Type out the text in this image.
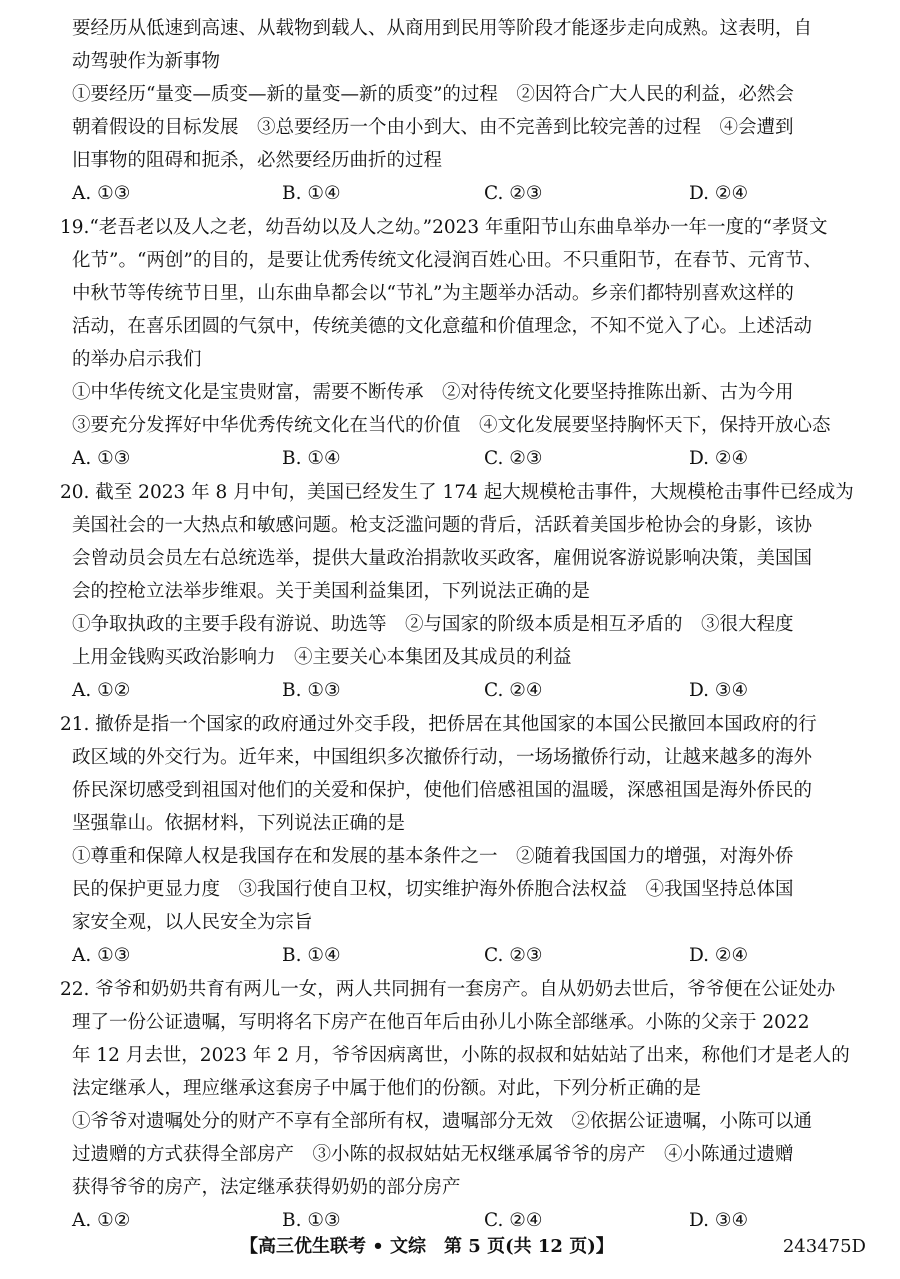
要经历从低速到高速、从载物到载人、从商用到民用等阶段才能逐步走向成熟。这表明，自
动驾驶作为新事物
①要经历“量变—质变—新的量变—新的质变”的过程　②因符合广大人民的利益，必然会
朝着假设的目标发展　③总要经历一个由小到大、由不完善到比较完善的过程　④会遭到
旧事物的阻碍和扼杀，必然要经历曲折的过程
A. ①③	B. ①④	C. ②③	D. ②④
19.“老吾老以及人之老，幼吾幼以及人之幼。”2023 年重阳节山东曲阜举办一年一度的“孝贤文
化节”。“两创”的目的，是要让优秀传统文化浸润百姓心田。不只重阳节，在春节、元宵节、
中秋节等传统节日里，山东曲阜都会以“节礼”为主题举办活动。乡亲们都特别喜欢这样的
活动，在喜乐团圆的气氛中，传统美德的文化意蕴和价值理念，不知不觉入了心。上述活动
的举办启示我们
①中华传统文化是宝贵财富，需要不断传承　②对待传统文化要坚持推陈出新、古为今用
③要充分发挥好中华优秀传统文化在当代的价值　④文化发展要坚持胸怀天下，保持开放心态
A. ①③	B. ①④	C. ②③	D. ②④
20. 截至 2023 年 8 月中旬，美国已经发生了 174 起大规模枪击事件，大规模枪击事件已经成为
美国社会的一大热点和敏感问题。枪支泛滥问题的背后，活跃着美国步枪协会的身影，该协
会曾动员会员左右总统选举，提供大量政治捐款收买政客，雇佣说客游说影响决策，美国国
会的控枪立法举步维艰。关于美国利益集团，下列说法正确的是
①争取执政的主要手段有游说、助选等　②与国家的阶级本质是相互矛盾的　③很大程度
上用金钱购买政治影响力　④主要关心本集团及其成员的利益
A. ①②	B. ①③	C. ②④	D. ③④
21. 撤侨是指一个国家的政府通过外交手段，把侨居在其他国家的本国公民撤回本国政府的行
政区域的外交行为。近年来，中国组织多次撤侨行动，一场场撤侨行动，让越来越多的海外
侨民深切感受到祖国对他们的关爱和保护，使他们倍感祖国的温暖，深感祖国是海外侨民的
坚强靠山。依据材料，下列说法正确的是
①尊重和保障人权是我国存在和发展的基本条件之一　②随着我国国力的增强，对海外侨
民的保护更显力度　③我国行使自卫权，切实维护海外侨胞合法权益　④我国坚持总体国
家安全观，以人民安全为宗旨
A. ①③	B. ①④	C. ②③	D. ②④
22. 爷爷和奶奶共育有两儿一女，两人共同拥有一套房产。自从奶奶去世后，爷爷便在公证处办
理了一份公证遗嘱，写明将名下房产在他百年后由孙儿小陈全部继承。小陈的父亲于 2022
年 12 月去世，2023 年 2 月，爷爷因病离世，小陈的叔叔和姑姑站了出来，称他们才是老人的
法定继承人，理应继承这套房子中属于他们的份额。对此，下列分析正确的是
①爷爷对遗嘱处分的财产不享有全部所有权，遗嘱部分无效　②依据公证遗嘱，小陈可以通
过遗赠的方式获得全部房产　③小陈的叔叔姑姑无权继承属爷爷的房产　④小陈通过遗赠
获得爷爷的房产，法定继承获得奶奶的部分房产
A. ①②	B. ①③	C. ②④	D. ③④
【高三优生联考 • 文综　第 5 页(共 12 页)】	243475D
